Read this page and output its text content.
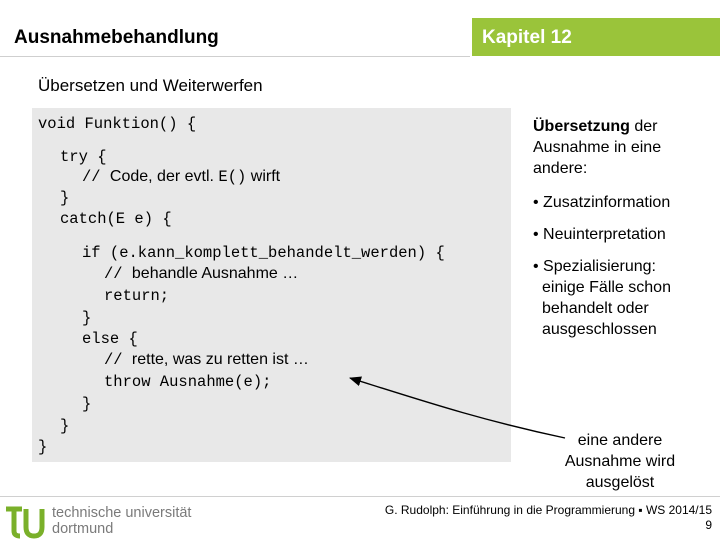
Ausnahmebehandlung	Kapitel 12
Übersetzen und Weiterwerfen
void Funktion() {
try {
// Code, der evtl. E() wirft
}
catch(E e) {
if (e.kann_komplett_behandelt_werden) {
// behandle Ausnahme …
return;
}
else {
// rette, was zu retten ist …
throw Ausnahme(e);
}
}
}
Übersetzung der
Ausnahme in eine
andere:
• Zusatzinformation
• Neuinterpretation
• Spezialisierung:
einige Fälle schon
behandelt oder
ausgeschlossen
eine andere
Ausnahme wird
ausgelöst
technische universität
dortmund
G. Rudolph: Einführung in die Programmierung ▪ WS 2014/15
9
